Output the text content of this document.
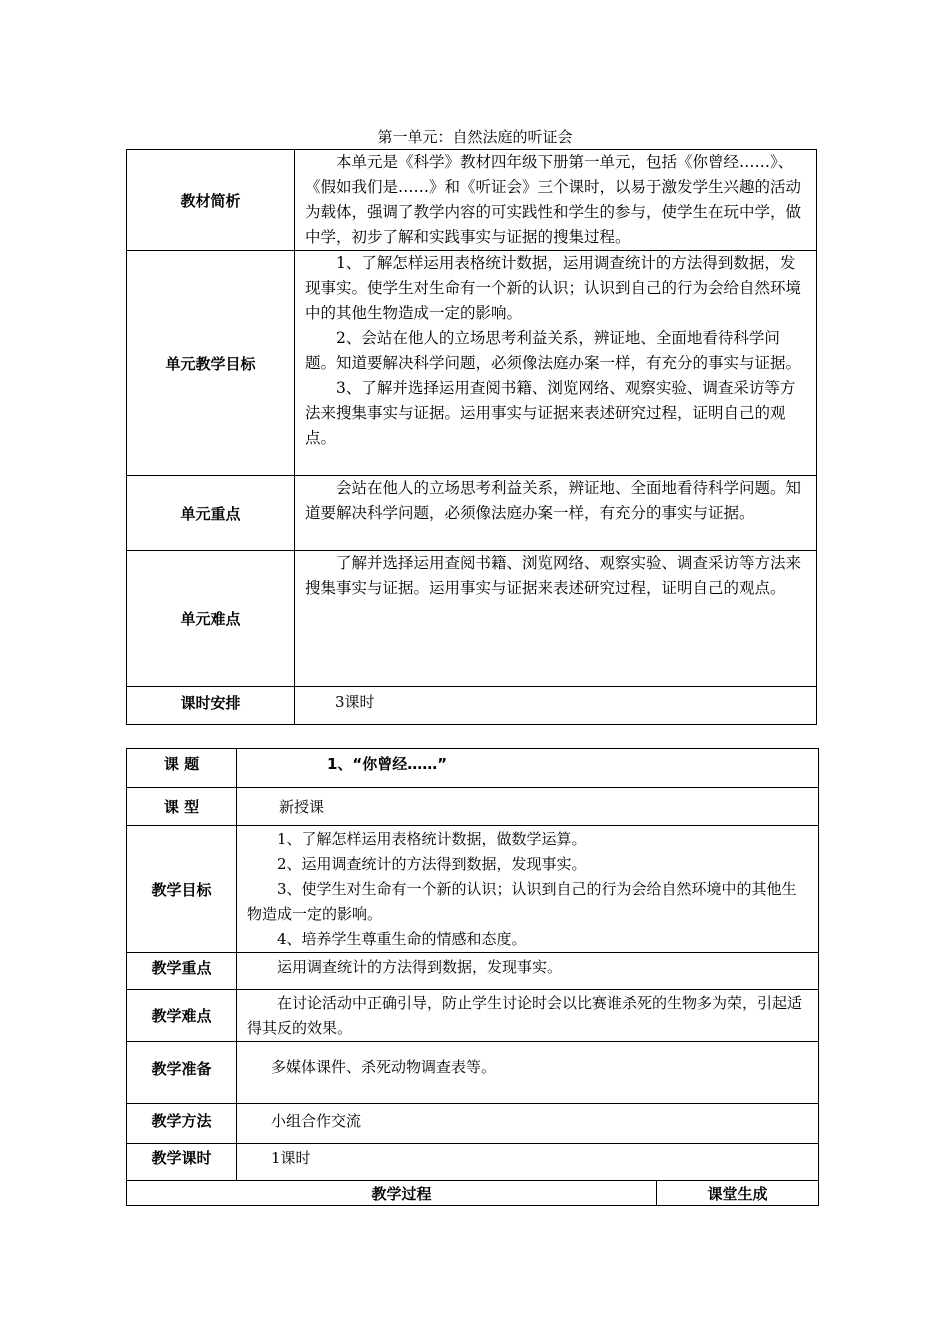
第一单元：自然法庭的听证会
教材简析	本单元是《科学》教材四年级下册第一单元，包括《你曾经……》、《假如我们是……》和《听证会》三个课时，以易于激发学生兴趣的活动为载体，强调了教学内容的可实践性和学生的参与，使学生在玩中学，做中学，初步了解和实践事实与证据的搜集过程。

单元教学目标	1、了解怎样运用表格统计数据，运用调查统计的方法得到数据，发现事实。使学生对生命有一个新的认识；认识到自己的行为会给自然环境中的其他生物造成一定的影响。

2、会站在他人的立场思考利益关系，辨证地、全面地看待科学问题。知道要解决科学问题，必须像法庭办案一样，有充分的事实与证据。

3、了解并选择运用查阅书籍、浏览网络、观察实验、调查采访等方法来搜集事实与证据。运用事实与证据来表述研究过程，证明自己的观点。

单元重点	会站在他人的立场思考利益关系，辨证地、全面地看待科学问题。知道要解决科学问题，必须像法庭办案一样，有充分的事实与证据。

单元难点	了解并选择运用查阅书籍、浏览网络、观察实验、调查采访等方法来搜集事实与证据。运用事实与证据来表述研究过程，证明自己的观点。

课时安排	3课时

课 题	1、“你曾经……”	
课 型	新授课	
教学目标	1、了解怎样运用表格统计数据，做数学运算。

2、运用调查统计的方法得到数据，发现事实。

3、使学生对生命有一个新的认识；认识到自己的行为会给自然环境中的其他生物造成一定的影响。

4、培养学生尊重生命的情感和态度。	

教学重点	运用调查统计的方法得到数据，发现事实。	

教学难点	在讨论活动中正确引导，防止学生讨论时会以比赛谁杀死的生物多为荣，引起适得其反的效果。	

教学准备	多媒体课件、杀死动物调查表等。	
教学方法	小组合作交流	
教学课时	1课时	
教学过程		课堂生成
